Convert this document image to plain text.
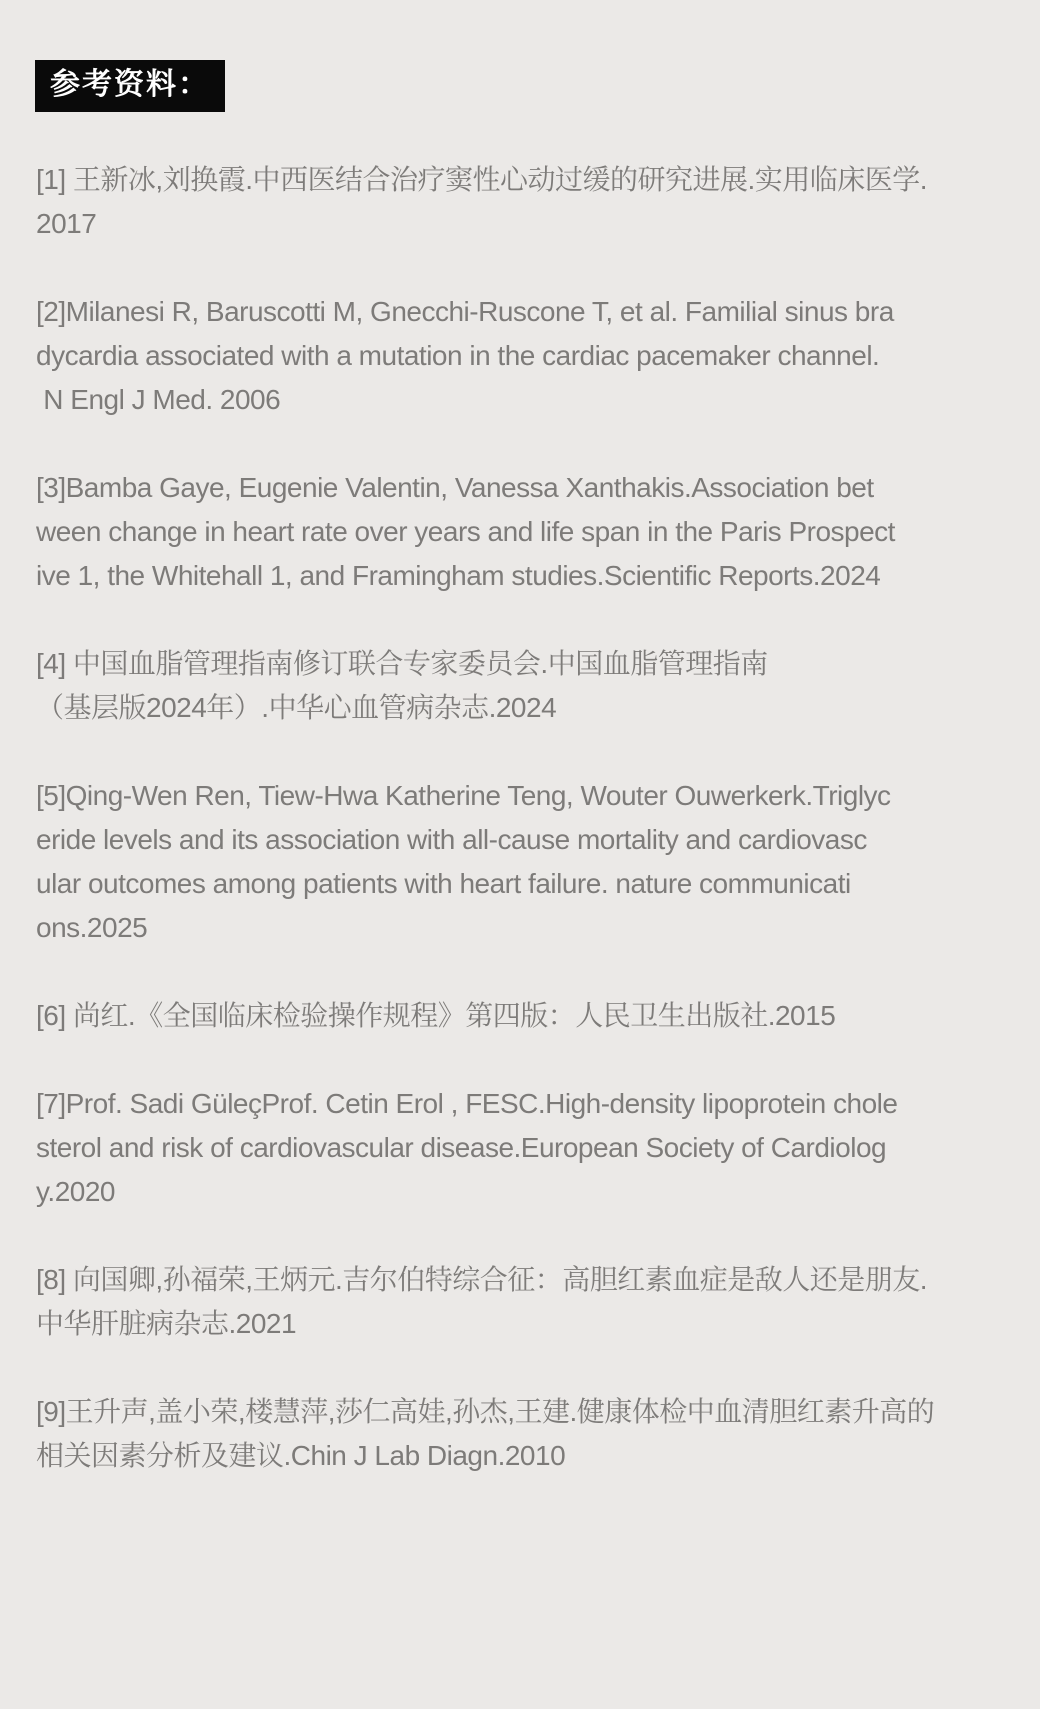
参考资料：
[1] 王新冰,刘换霞.中西医结合治疗窦性心动过缓的研究进展.实用临床医学.
2017
[2]Milanesi R, Baruscotti M, Gnecchi-Ruscone T, et al. Familial sinus bra
dycardia associated with a mutation in the cardiac pacemaker channel.
N Engl J Med. 2006
[3]Bamba Gaye, Eugenie Valentin, Vanessa Xanthakis.Association bet
ween change in heart rate over years and life span in the Paris Prospect
ive 1, the Whitehall 1, and Framingham studies.Scientific Reports.2024
[4] 中国血脂管理指南修订联合专家委员会.中国血脂管理指南
（基层版2024年）.中华心血管病杂志.2024
[5]Qing-Wen Ren, Tiew-Hwa Katherine Teng, Wouter Ouwerkerk.Triglyc
eride levels and its association with all-cause mortality and cardiovasc
ular outcomes among patients with heart failure. nature communicati
ons.2025
[6] 尚红.《全国临床检验操作规程》第四版：人民卫生出版社.2015
[7]Prof. Sadi GüleçProf. Cetin Erol , FESC.High-density lipoprotein chole
sterol and risk of cardiovascular disease.European Society of Cardiolog
y.2020
[8] 向国卿,孙福荣,王炳元.吉尔伯特综合征：高胆红素血症是敌人还是朋友.
中华肝脏病杂志.2021
[9]王升声,盖小荣,楼慧萍,莎仁高娃,孙杰,王建.健康体检中血清胆红素升高的
相关因素分析及建议.Chin J Lab Diagn.2010
